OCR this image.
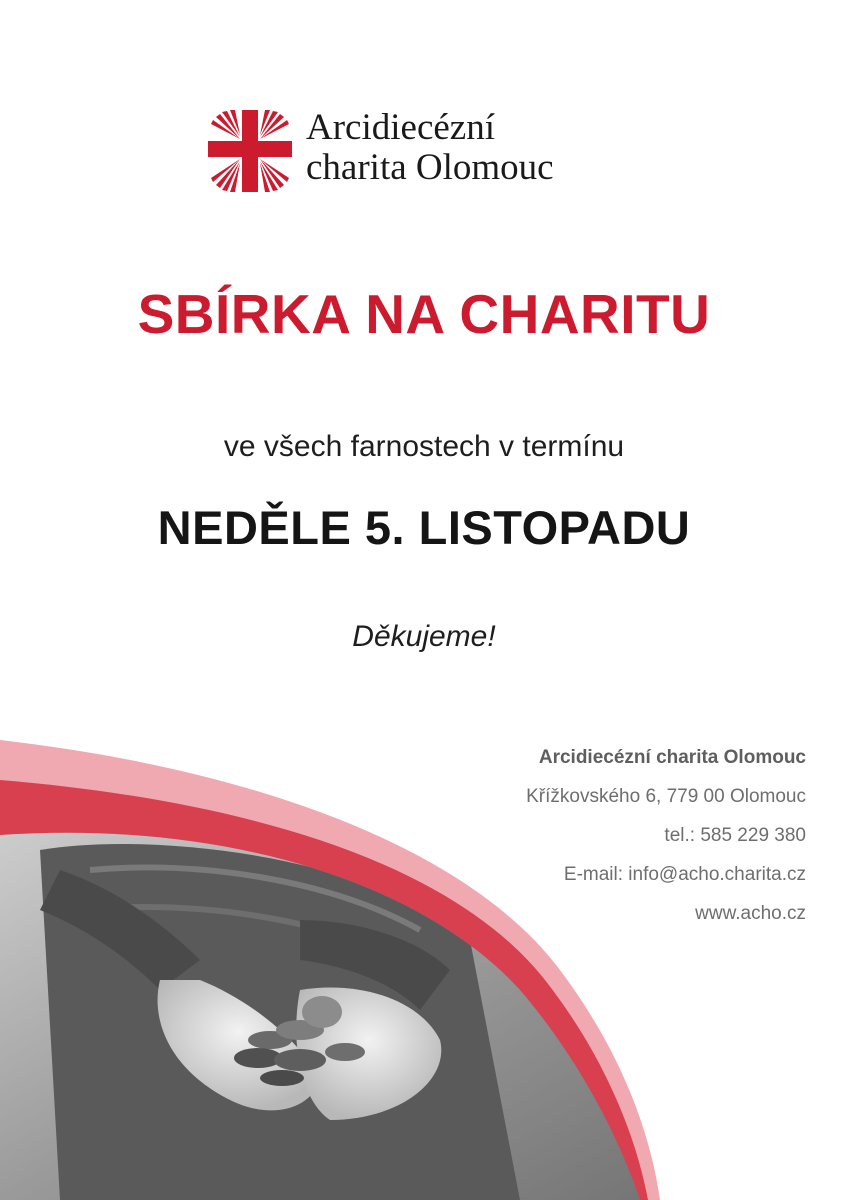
Arcidiecézní
charita Olomouc
SBÍRKA NA CHARITU
ve všech farnostech v termínu
NEDĚLE 5. LISTOPADU
Děkujeme!
Arcidiecézní charita Olomouc
Křížkovského 6, 779 00 Olomouc
tel.: 585 229 380
E-mail: info@acho.charita.cz
www.acho.cz
